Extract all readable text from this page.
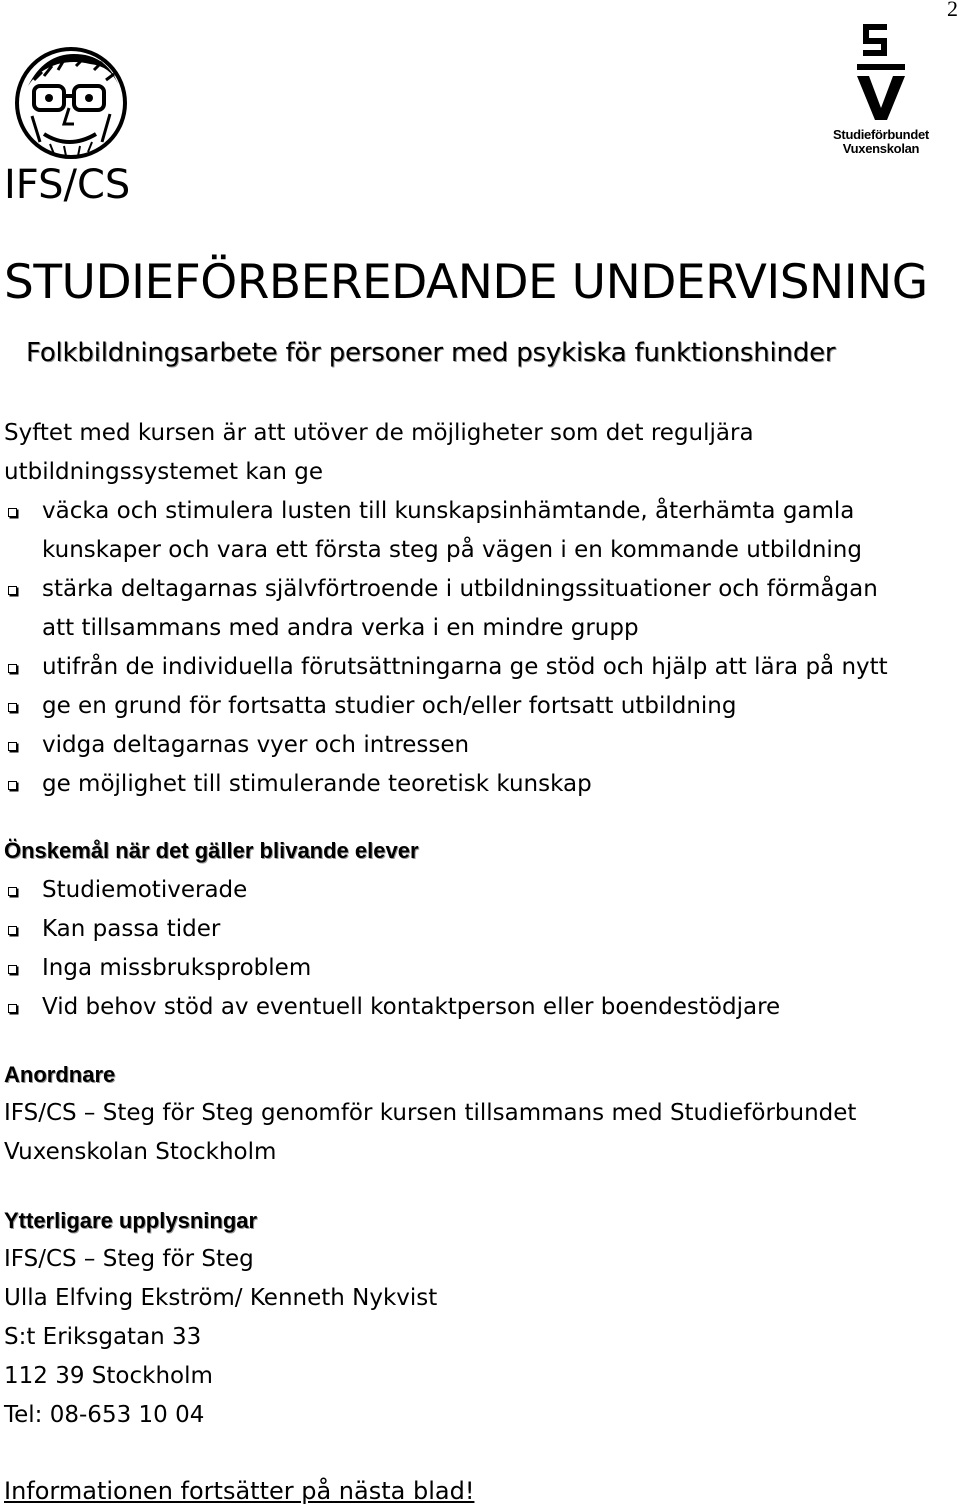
2
Studieförbundet
Vuxenskolan
IFS/CS
STUDIEFÖRBEREDANDE UNDERVISNING
Folkbildningsarbete för personer med psykiska funktionshinder
Syftet med kursen är att utöver de möjligheter som det reguljära
utbildningssystemet kan ge
väcka och stimulera lusten till kunskapsinhämtande, återhämta gamla
kunskaper och vara ett första steg på vägen i en kommande utbildning
stärka deltagarnas självförtroende i utbildningssituationer och förmågan
att tillsammans med andra verka i en mindre grupp
utifrån de individuella förutsättningarna ge stöd och hjälp att lära på nytt
ge en grund för fortsatta studier och/eller fortsatt utbildning
vidga deltagarnas vyer och intressen
ge möjlighet till stimulerande teoretisk kunskap
Önskemål när det gäller blivande elever
Studiemotiverade
Kan passa tider
Inga missbruksproblem
Vid behov stöd av eventuell kontaktperson eller boendestödjare
Anordnare
IFS/CS – Steg för Steg genomför kursen tillsammans med Studieförbundet
Vuxenskolan Stockholm
Ytterligare upplysningar
IFS/CS – Steg för Steg
Ulla Elfving Ekström/ Kenneth Nykvist
S:t Eriksgatan 33
112 39 Stockholm
Tel: 08-653 10 04
Informationen fortsätter på nästa blad!
